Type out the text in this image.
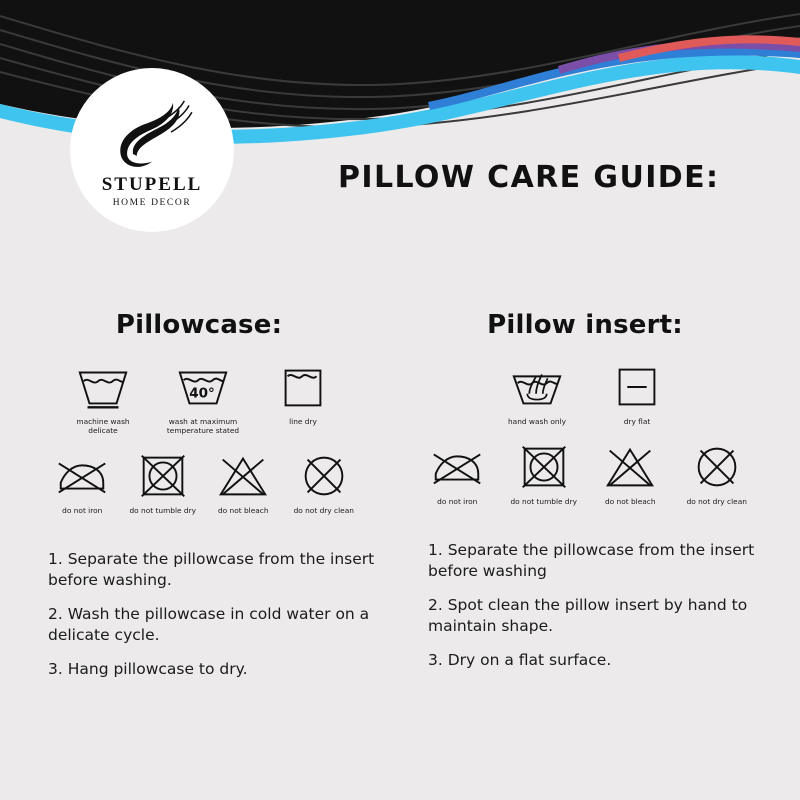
STUPELL
HOME DECOR
PILLOW CARE GUIDE:
Pillowcase:
machine wash
delicate
40°
wash at maximum
temperature stated
line dry
do not iron	do not tumble dry	do not bleach	do not dry clean
1. Separate the pillowcase from the insert before washing.
2. Wash the pillowcase in cold water on a delicate cycle.
3. Hang pillowcase to dry.
Pillow insert:
hand wash only	dry flat
do not iron	do not tumble dry	do not bleach	do not dry clean
1. Separate the pillowcase from the insert before washing
2. Spot clean the pillow insert by hand to maintain shape.
3. Dry on a flat surface.
